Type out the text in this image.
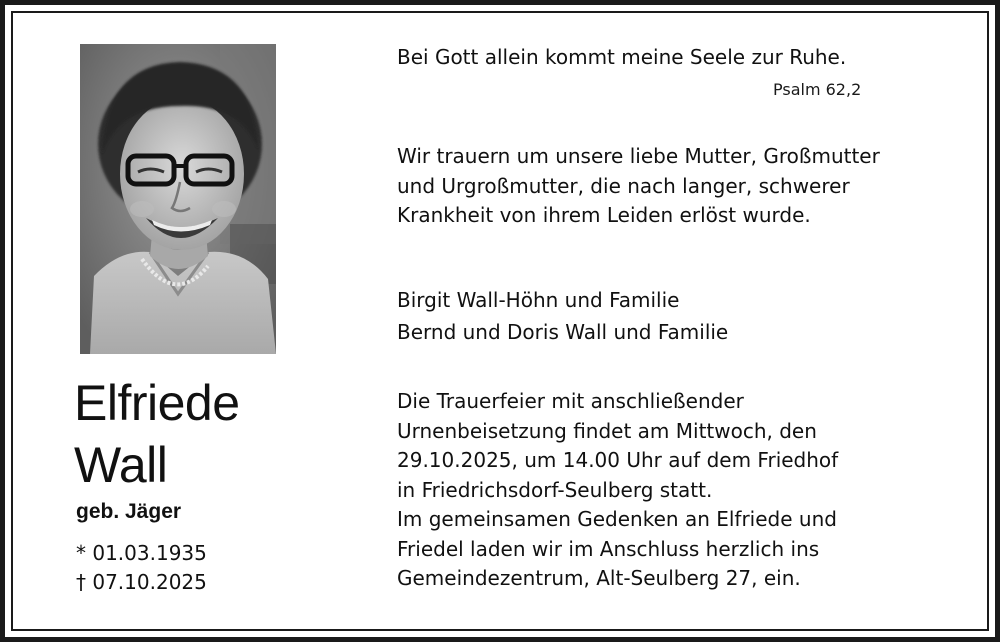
Elfriede
Wall
geb. Jäger
* 01.03.1935
† 07.10.2025
Bei Gott allein kommt meine Seele zur Ruhe.
Psalm 62,2
Wir trauern um unsere liebe Mutter, Großmutter
und Urgroßmutter, die nach langer, schwerer
Krankheit von ihrem Leiden erlöst wurde.
Birgit Wall-Höhn und Familie
Bernd und Doris Wall und Familie
Die Trauerfeier mit anschließender
Urnenbeisetzung findet am Mittwoch, den
29.10.2025, um 14.00 Uhr auf dem Friedhof
in Friedrichsdorf-Seulberg statt.
Im gemeinsamen Gedenken an Elfriede und
Friedel laden wir im Anschluss herzlich ins
Gemeindezentrum, Alt-Seulberg 27, ein.
